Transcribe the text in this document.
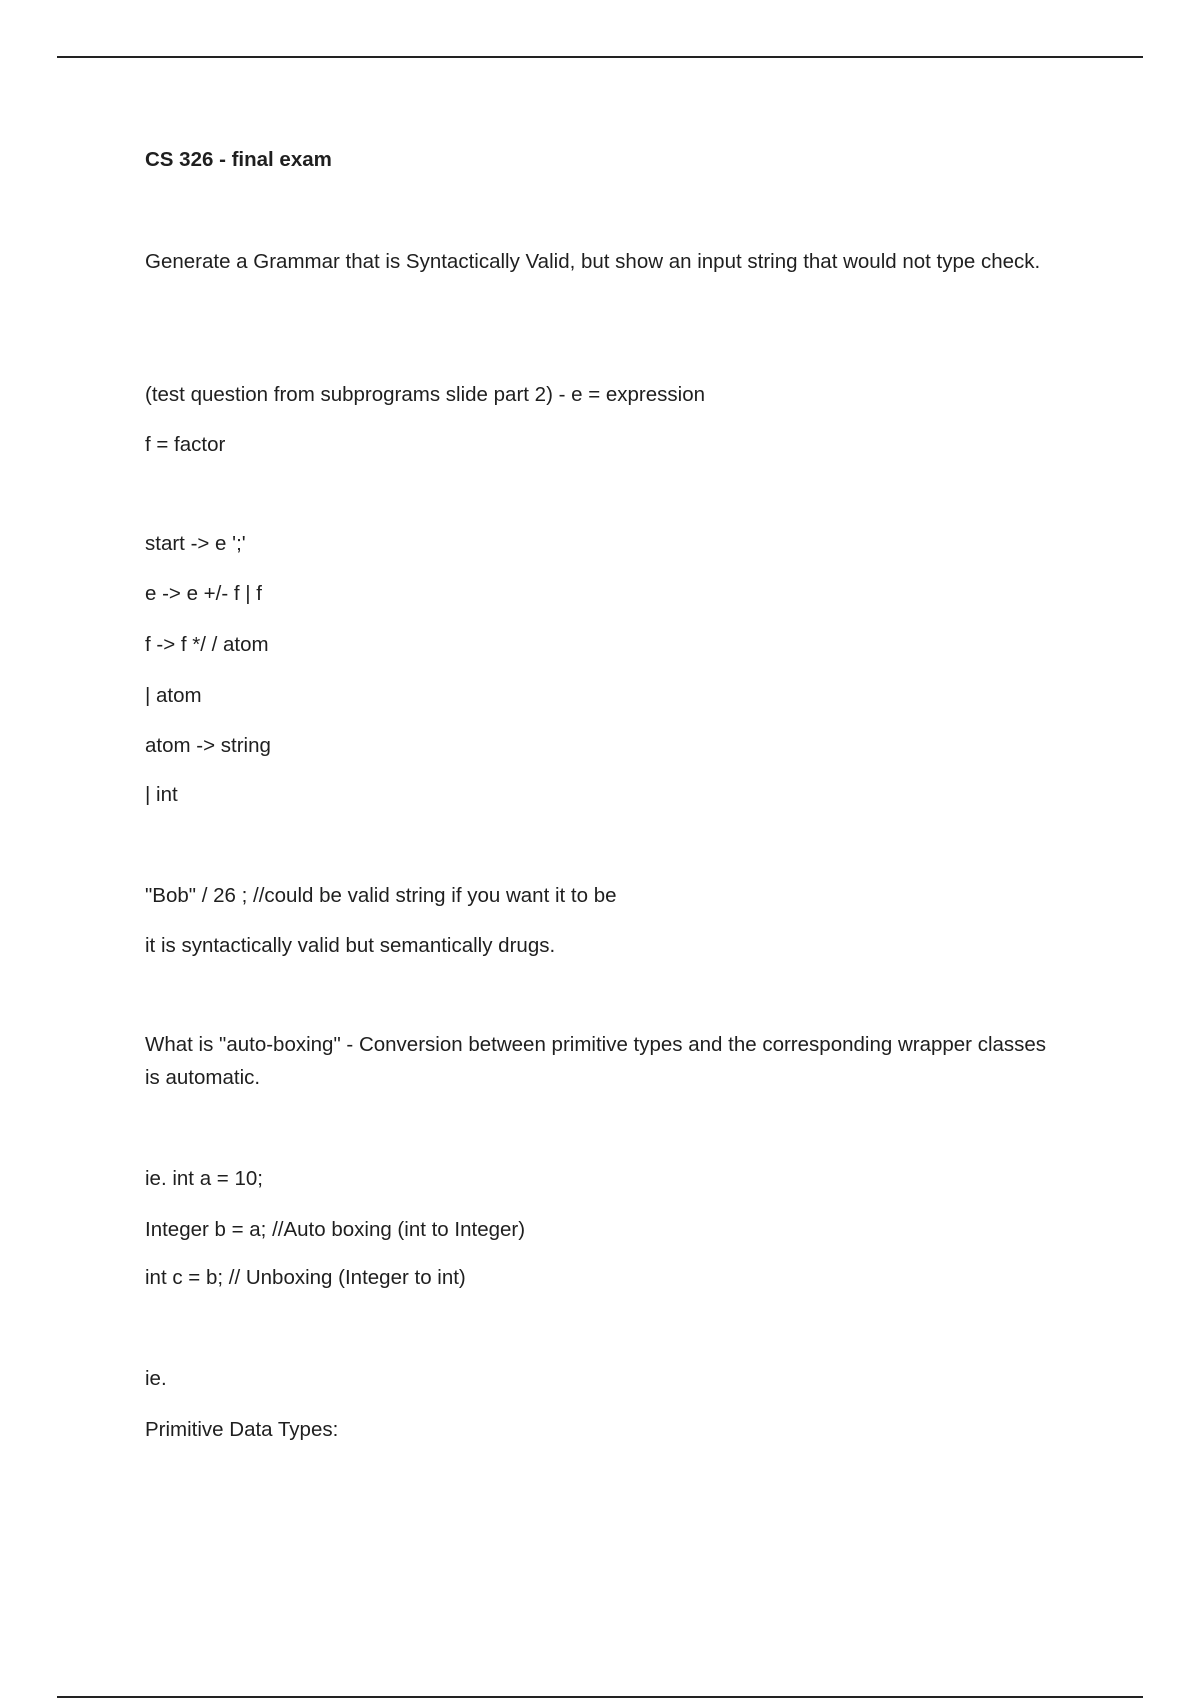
CS 326 - final exam

Generate a Grammar that is Syntactically Valid, but show an input string that would not type check.

(test question from subprograms slide part 2) - e = expression

f = factor

start -> e ';'

e -> e +/- f | f

f -> f */ / atom

| atom

atom -> string

| int

"Bob" / 26 ; //could be valid string if you want it to be

it is syntactically valid but semantically drugs.

What is "auto-boxing" - Conversion between primitive types and the corresponding wrapper classes is automatic.

ie. int a = 10;

Integer b = a; //Auto boxing (int to Integer)

int c = b; // Unboxing (Integer to int)

ie.

Primitive Data Types:
